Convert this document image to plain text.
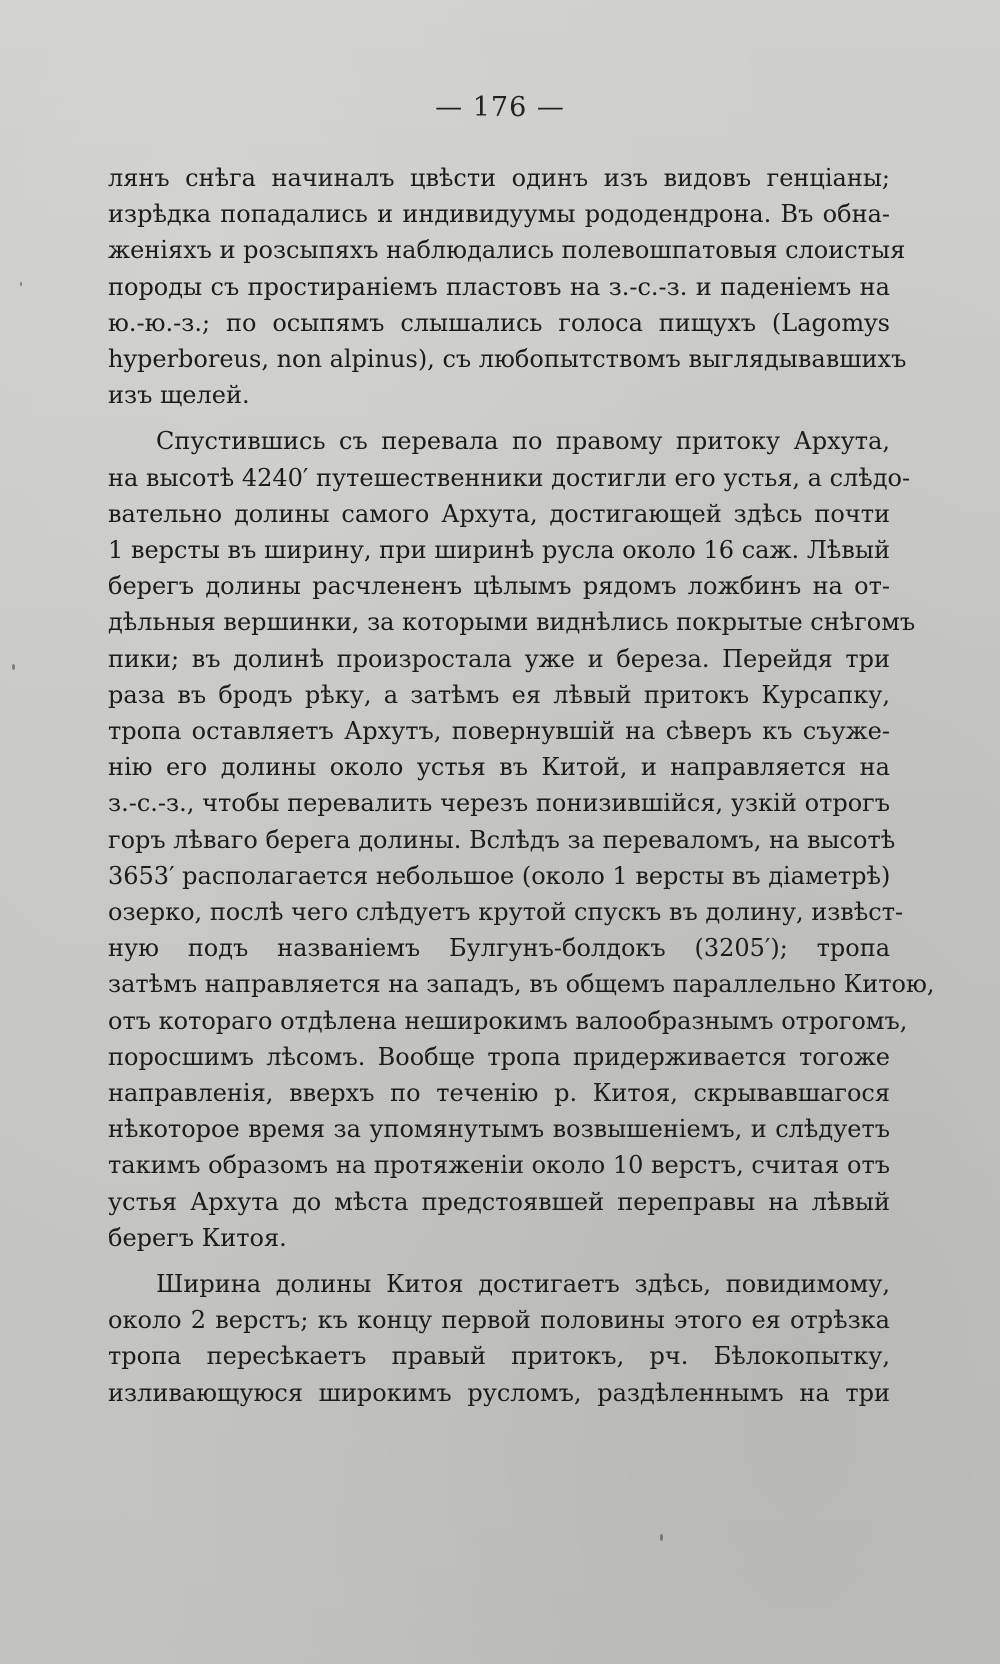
— 176 —
лянъ снѣга начиналъ цвѣсти одинъ изъ видовъ генціаны;
изрѣдка попадались и индивидуумы рододендрона. Въ обна-
женіяхъ и розсыпяхъ наблюдались полевошпатовыя слоистыя
породы съ простираніемъ пластовъ на з.-с.-з. и паденіемъ на
ю.-ю.-з.; по осыпямъ слышались голоса пищухъ (Lagomys
hyperboreus, non alpinus), съ любопытствомъ выглядывавшихъ
изъ щелей.
Спустившись съ перевала по правому притоку Архута,
на высотѣ 4240′ путешественники достигли его устья, а слѣдо-
вательно долины самого Архута, достигающей здѣсь почти
1 версты въ ширину, при ширинѣ русла около 16 саж. Лѣвый
берегъ долины расчлененъ цѣлымъ рядомъ ложбинъ на от-
дѣльныя вершинки, за которыми виднѣлись покрытые снѣгомъ
пики; въ долинѣ произростала уже и береза. Перейдя три
раза въ бродъ рѣку, а затѣмъ ея лѣвый притокъ Курсапку,
тропа оставляетъ Архутъ, повернувшій на сѣверъ къ съуже-
нію его долины около устья въ Китой, и направляется на
з.-с.-з., чтобы перевалить черезъ понизившійся, узкій отрогъ
горъ лѣваго берега долины. Вслѣдъ за переваломъ, на высотѣ
3653′ располагается небольшое (около 1 версты въ діаметрѣ)
озерко, послѣ чего слѣдуетъ крутой спускъ въ долину, извѣст-
ную подъ названіемъ Булгунъ-болдокъ (3205′); тропа
затѣмъ направляется на западъ, въ общемъ параллельно Китою,
отъ котораго отдѣлена неширокимъ валообразнымъ отрогомъ,
поросшимъ лѣсомъ. Вообще тропа придерживается тогоже
направленія, вверхъ по теченію р. Китоя, скрывавшагося
нѣкоторое время за упомянутымъ возвышеніемъ, и слѣдуетъ
такимъ образомъ на протяженіи около 10 верстъ, считая отъ
устья Архута до мѣста предстоявшей переправы на лѣвый
берегъ Китоя.
Ширина долины Китоя достигаетъ здѣсь, повидимому,
около 2 верстъ; къ концу первой половины этого ея отрѣзка
тропа пересѣкаетъ правый притокъ, рч. Бѣлокопытку,
изливающуюся широкимъ русломъ, раздѣленнымъ на три
